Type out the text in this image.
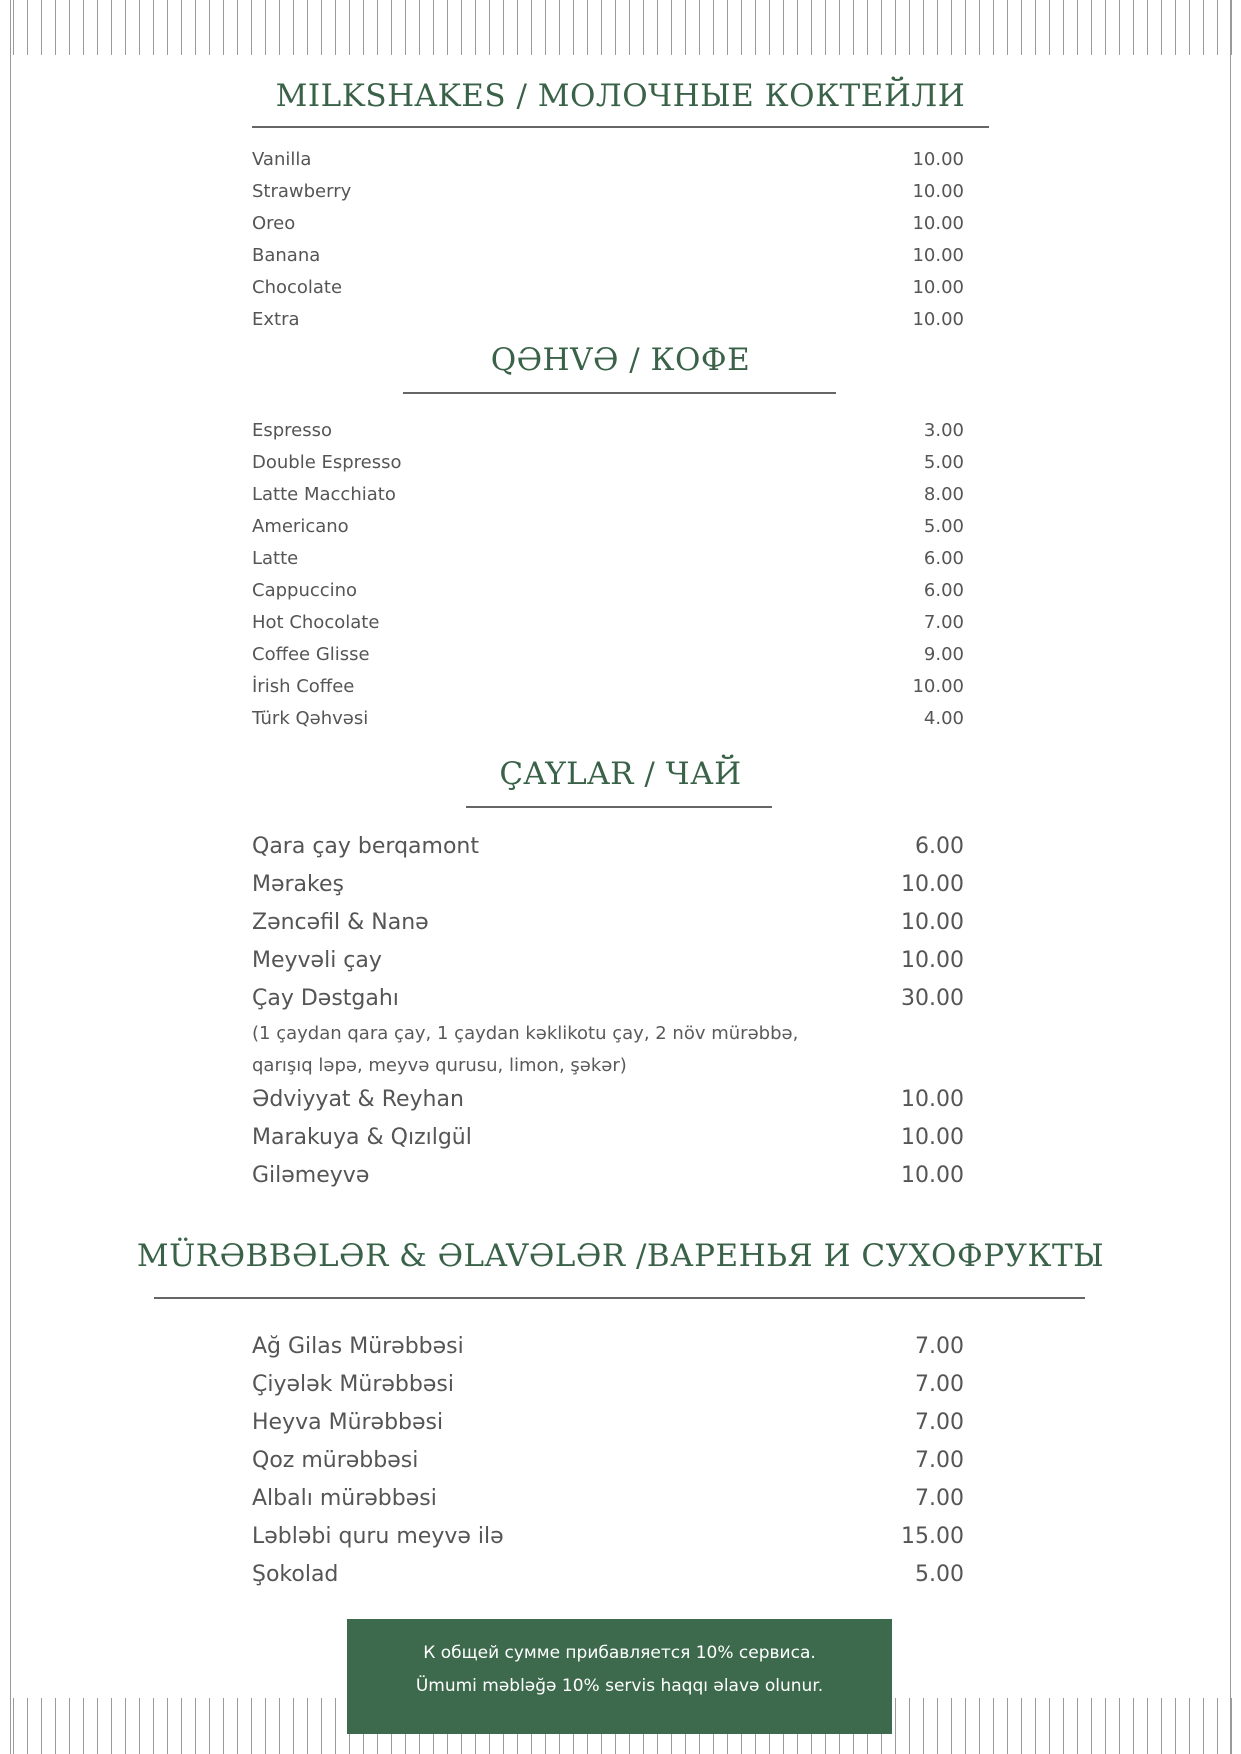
MILKSHAKES / МОЛОЧНЫЕ КОКТЕЙЛИ
Vanilla	10.00
Strawberry	10.00
Oreo	10.00
Banana	10.00
Chocolate	10.00
Extra	10.00
QƏHVƏ / КОФЕ
Espresso	3.00
Double Espresso	5.00
Latte Macchiato	8.00
Americano	5.00
Latte	6.00
Cappuccino	6.00
Hot Chocolate	7.00
Coffee Glisse	9.00
İrish Coffee	10.00
Türk Qəhvəsi	4.00
ÇAYLAR / ЧАЙ
Qara çay berqamont	6.00
Mərakeş	10.00
Zəncəfil & Nanə	10.00
Meyvəli çay	10.00
Çay Dəstgahı	30.00
(1 çaydan qara çay, 1 çaydan kəklikotu çay, 2 növ mürəbbə,
qarışıq ləpə, meyvə qurusu, limon, şəkər)
Ədviyyat & Reyhan	10.00
Marakuya & Qızılgül	10.00
Giləmeyvə	10.00
MÜRƏBBƏLƏR & ƏLAVƏLƏR /ВАРЕНЬЯ И СУХОФРУКТЫ
Ağ Gilas Mürəbbəsi	7.00
Çiyələk Mürəbbəsi	7.00
Heyva Mürəbbəsi	7.00
Qoz mürəbbəsi	7.00
Albalı mürəbbəsi	7.00
Ləbləbi quru meyvə ilə	15.00
Şokolad	5.00
К общей сумме прибавляется 10% сервиса.
Ümumi məbləğə 10% servis haqqı əlavə olunur.
